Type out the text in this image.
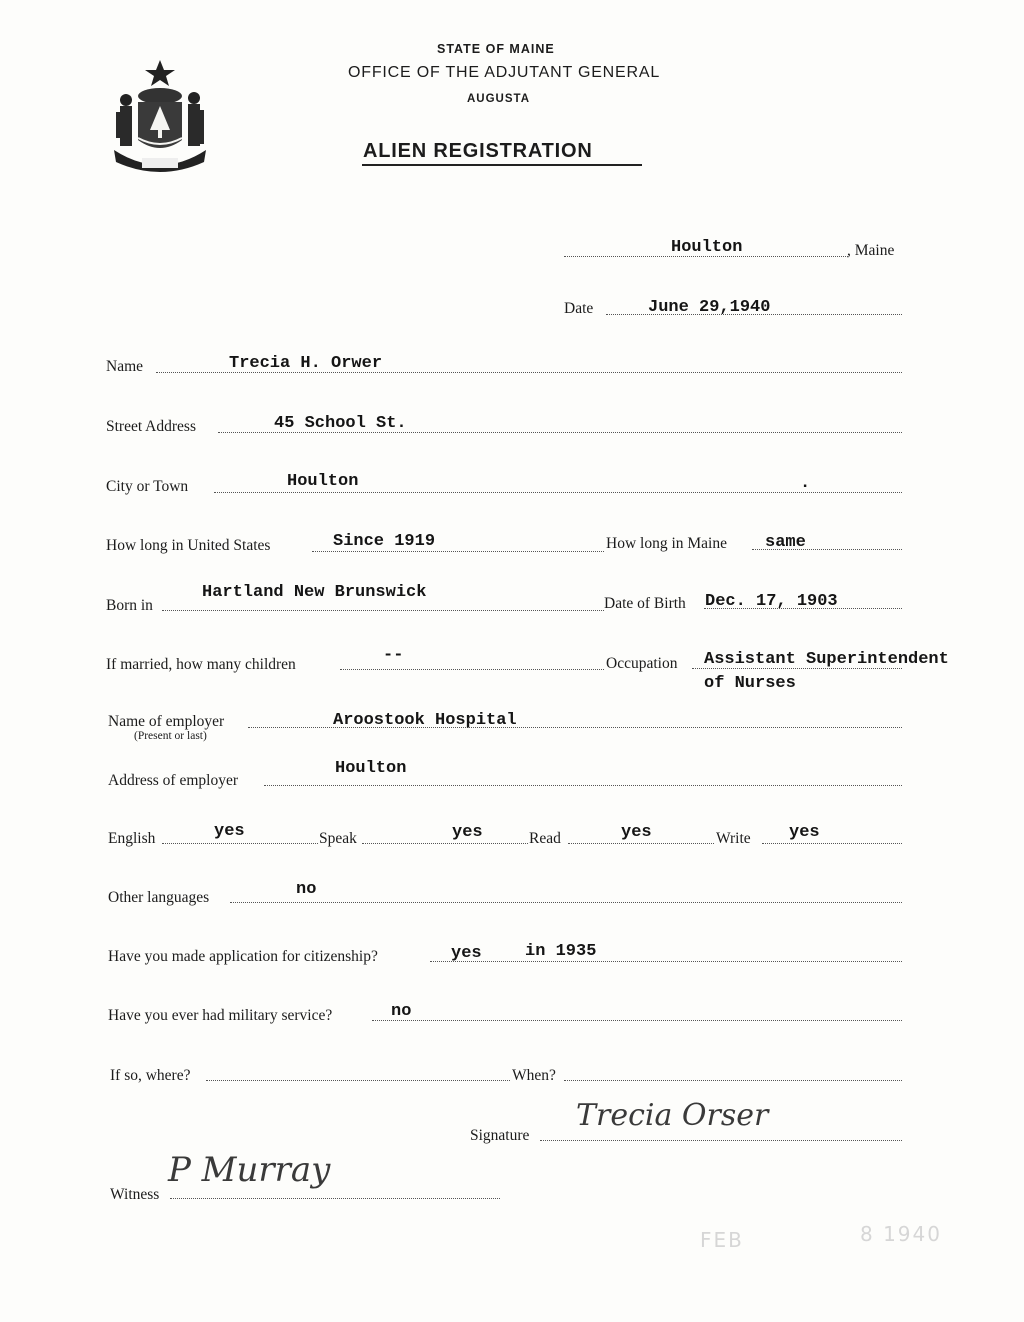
STATE OF MAINE
OFFICE OF THE ADJUTANT GENERAL
AUGUSTA
ALIEN REGISTRATION
Houlton	, Maine
Date	June 29,1940
Name	Trecia H. Orwer
Street Address	45 School St.
City or Town	Houlton	.
How long in United States	Since 1919	How long in Maine same
Born in
Hartland New Brunswick
Date of Birth Dec. 17, 1903
If married, how many children	--	Occupation Assistant Superintendent
of Nurses
Name of employer
(Present or last)
Aroostook Hospital
Address of employer
Houlton
English	yes	Speak	yes	Read	yes	Write yes
Other languages	no
Have you made application for citizenship?	yes	in 1935
Have you ever had military service?	no
If so, where?	When?
Signature
Trecia Orser
Witness
P Murray
FEB	8 1940
